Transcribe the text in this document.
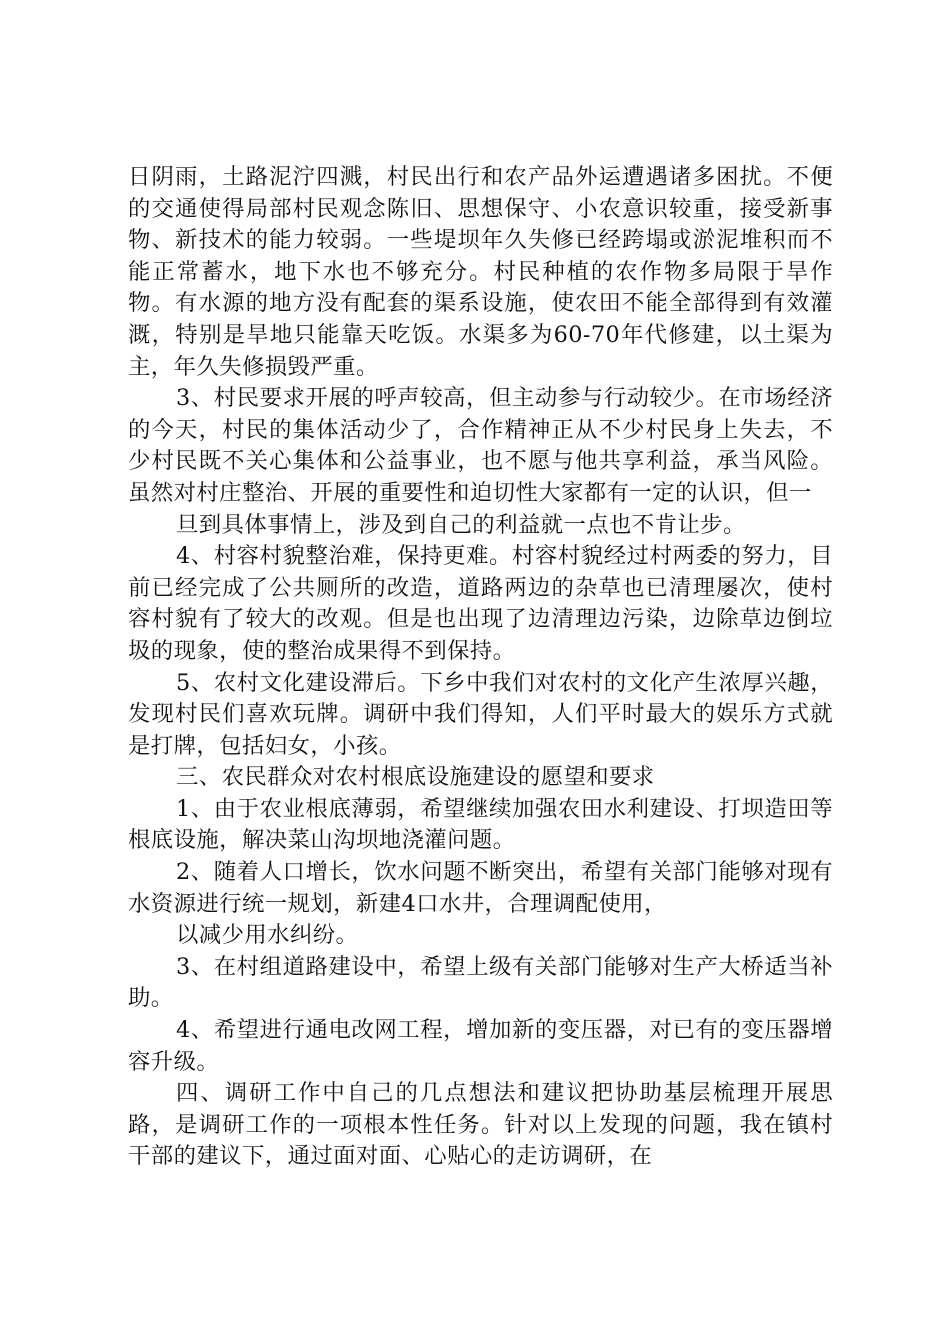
日阴雨，土路泥泞四溅，村民出行和农产品外运遭遇诸多困扰。不便的交通使得局部村民观念陈旧、思想保守、小农意识较重，接受新事物、新技术的能力较弱。一些堤坝年久失修已经跨塌或淤泥堆积而不能正常蓄水，地下水也不够充分。村民种植的农作物多局限于旱作物。有水源的地方没有配套的渠系设施，使农田不能全部得到有效灌溉，特别是旱地只能靠天吃饭。水渠多为60-70年代修建，以土渠为主，年久失修损毁严重。

3、村民要求开展的呼声较高，但主动参与行动较少。在市场经济的今天，村民的集体活动少了，合作精神正从不少村民身上失去，不少村民既不关心集体和公益事业，也不愿与他共享利益，承当风险。虽然对村庄整治、开展的重要性和迫切性大家都有一定的认识，但一

旦到具体事情上，涉及到自己的利益就一点也不肯让步。

4、村容村貌整治难，保持更难。村容村貌经过村两委的努力，目前已经完成了公共厕所的改造，道路两边的杂草也已清理屡次，使村容村貌有了较大的改观。但是也出现了边清理边污染，边除草边倒垃圾的现象，使的整治成果得不到保持。

5、农村文化建设滞后。下乡中我们对农村的文化产生浓厚兴趣，发现村民们喜欢玩牌。调研中我们得知，人们平时最大的娱乐方式就是打牌，包括妇女，小孩。

三、农民群众对农村根底设施建设的愿望和要求

1、由于农业根底薄弱，希望继续加强农田水利建设、打坝造田等根底设施，解决菜山沟坝地浇灌问题。

2、随着人口增长，饮水问题不断突出，希望有关部门能够对现有水资源进行统一规划，新建4口水井，合理调配使用，

以减少用水纠纷。

3、在村组道路建设中，希望上级有关部门能够对生产大桥适当补助。

4、希望进行通电改网工程，增加新的变压器，对已有的变压器增容升级。

四、调研工作中自己的几点想法和建议把协助基层梳理开展思路，是调研工作的一项根本性任务。针对以上发现的问题，我在镇村干部的建议下，通过面对面、心贴心的走访调研，在
